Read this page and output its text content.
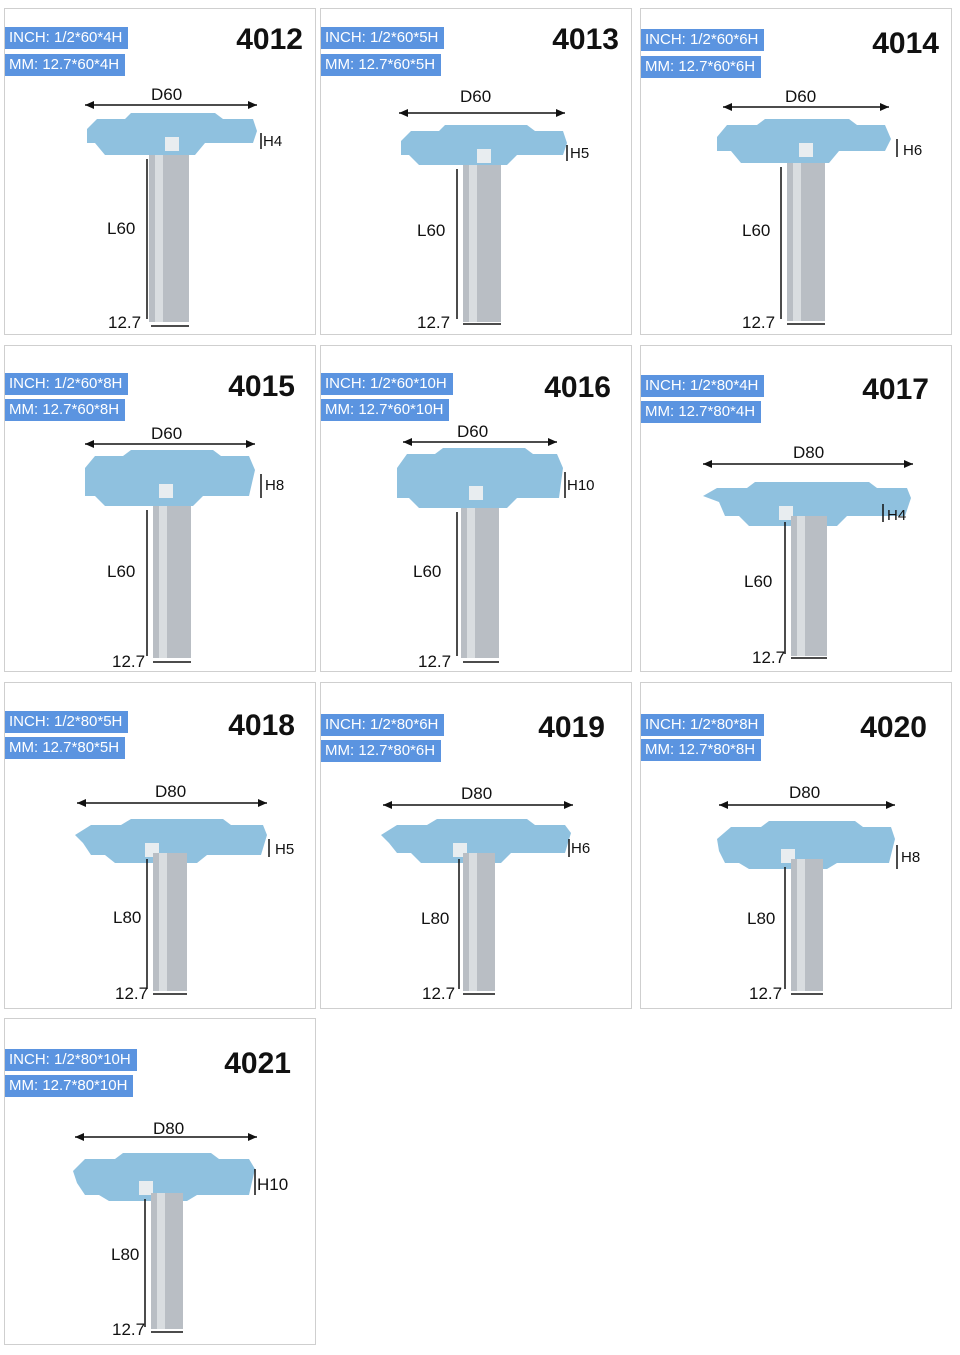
INCH: 1/2*60*4H
MM: 12.7*60*4H
4012
D60
H4
L60
12.7
INCH: 1/2*60*5H
MM: 12.7*60*5H
4013
D60
H5
L60
12.7
INCH: 1/2*60*6H
MM: 12.7*60*6H
4014
D60
H6
L60
12.7
INCH: 1/2*60*8H
MM: 12.7*60*8H
4015
D60
H8
L60
12.7
INCH: 1/2*60*10H
MM: 12.7*60*10H
4016
D60
H10
L60
12.7
INCH: 1/2*80*4H
MM: 12.7*80*4H
4017
D80
H4
L60
12.7
INCH: 1/2*80*5H
MM: 12.7*80*5H
4018
D80
H5
L80
12.7
INCH: 1/2*80*6H
MM: 12.7*80*6H
4019
D80
H6
L80
12.7
INCH: 1/2*80*8H
MM: 12.7*80*8H
4020
D80
H8
L80
12.7
INCH: 1/2*80*10H
MM: 12.7*80*10H
4021
D80
H10
L80
12.7
